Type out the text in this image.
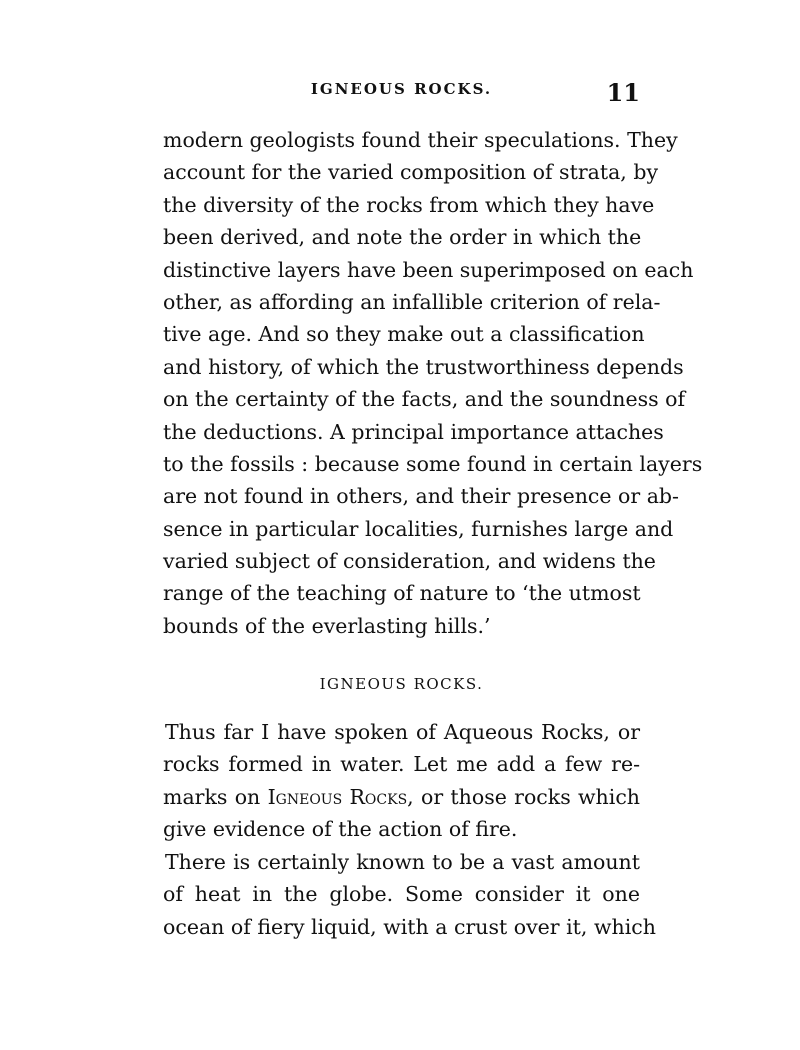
IGNEOUS ROCKS.	11
modern geologists found their speculations. They
account for the varied composition of strata, by
the diversity of the rocks from which they have
been derived, and note the order in which the
distinctive layers have been superimposed on each
other, as affording an infallible criterion of rela-
tive age. And so they make out a classification
and history, of which the trustworthiness depends
on the certainty of the facts, and the soundness of
the deductions. A principal importance attaches
to the fossils : because some found in certain layers
are not found in others, and their presence or ab-
sence in particular localities, furnishes large and
varied subject of consideration, and widens the
range of the teaching of nature to ‘the utmost
bounds of the everlasting hills.’
IGNEOUS ROCKS.
Thus far I have spoken of Aqueous Rocks, or
rocks formed in water. Let me add a few re-
marks on Igneous Rocks, or those rocks which
give evidence of the action of fire.
There is certainly known to be a vast amount
of heat in the globe. Some consider it one
ocean of fiery liquid, with a crust over it, which
